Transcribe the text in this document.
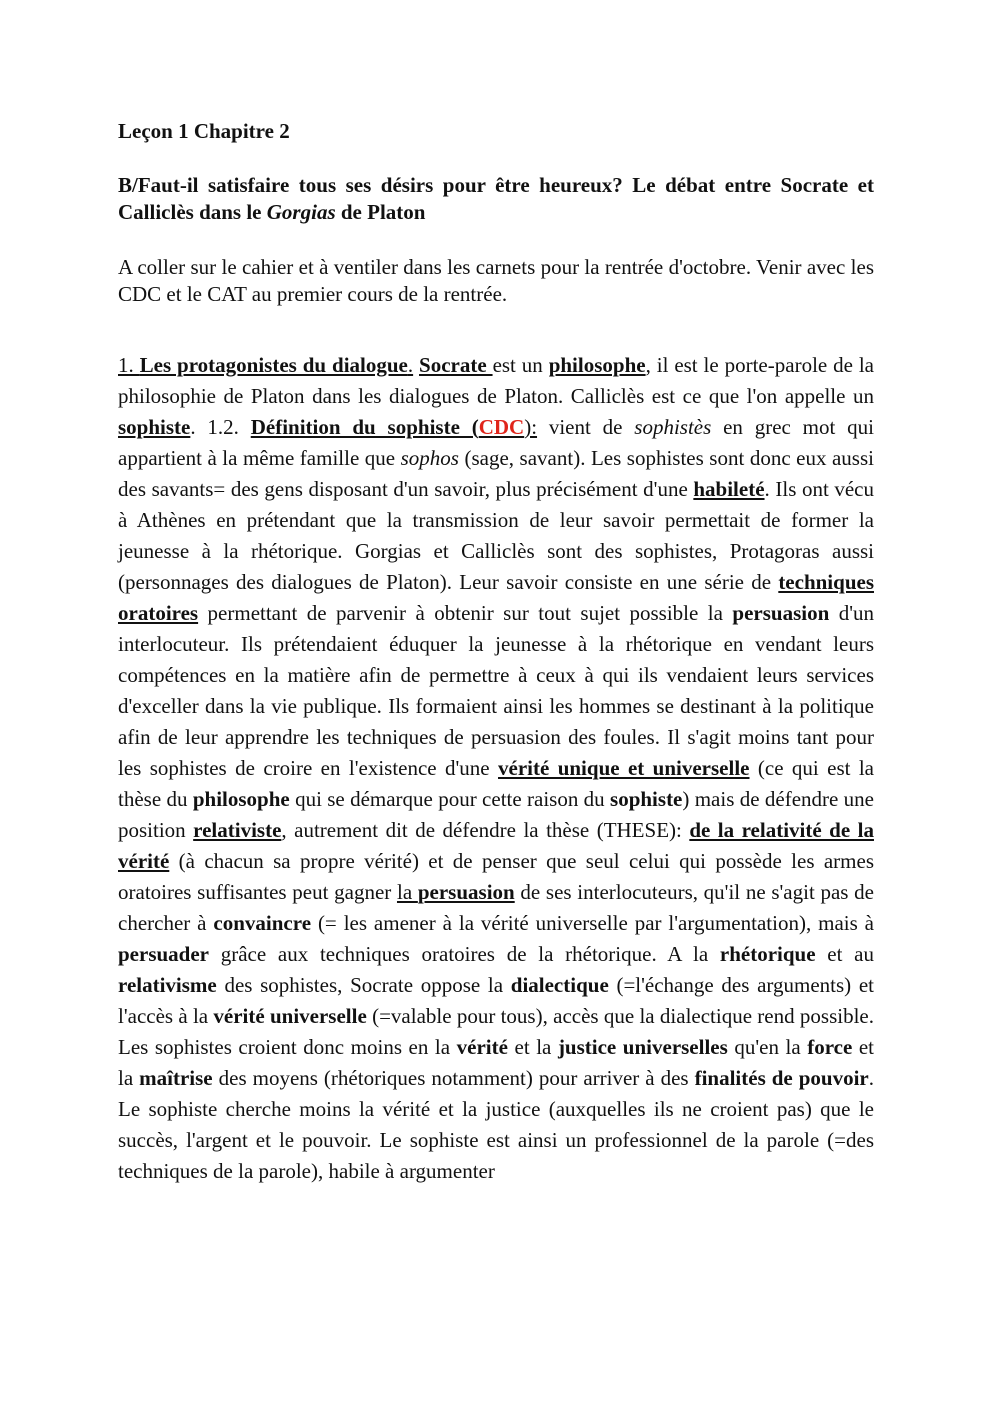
Leçon 1 Chapitre 2

B/Faut-il satisfaire tous ses désirs pour être heureux? Le débat entre Socrate et Calliclès dans le Gorgias de Platon

A coller sur le cahier et à ventiler dans les carnets pour la rentrée d'octobre. Venir avec les CDC et le CAT au premier cours de la rentrée.

1. Les protagonistes du dialogue. Socrate est un philosophe, il est le porte-parole de la philosophie de Platon dans les dialogues de Platon. Calliclès est ce que l'on appelle un sophiste. 1.2. Définition du sophiste (CDC): vient de sophistès en grec mot qui appartient à la même famille que sophos (sage, savant). Les sophistes sont donc eux aussi des savants= des gens disposant d'un savoir, plus précisément d'une habileté. Ils ont vécu à Athènes en prétendant que la transmission de leur savoir permettait de former la jeunesse à la rhétorique. Gorgias et Calliclès sont des sophistes, Protagoras aussi (personnages des dialogues de Platon). Leur savoir consiste en une série de techniques oratoires permettant de parvenir à obtenir sur tout sujet possible la persuasion d'un interlocuteur. Ils prétendaient éduquer la jeunesse à la rhétorique en vendant leurs compétences en la matière afin de permettre à ceux à qui ils vendaient leurs services d'exceller dans la vie publique. Ils formaient ainsi les hommes se destinant à la politique afin de leur apprendre les techniques de persuasion des foules. Il s'agit moins tant pour les sophistes de croire en l'existence d'une vérité unique et universelle (ce qui est la thèse du philosophe qui se démarque pour cette raison du sophiste) mais de défendre une position relativiste, autrement dit de défendre la thèse (THESE): de la relativité de la vérité (à chacun sa propre vérité) et de penser que seul celui qui possède les armes oratoires suffisantes peut gagner la persuasion de ses interlocuteurs, qu'il ne s'agit pas de chercher à convaincre (= les amener à la vérité universelle par l'argumentation), mais à persuader grâce aux techniques oratoires de la rhétorique. A la rhétorique et au relativisme des sophistes, Socrate oppose la dialectique (=l'échange des arguments) et l'accès à la vérité universelle (=valable pour tous), accès que la dialectique rend possible. Les sophistes croient donc moins en la vérité et la justice universelles qu'en la force et la maîtrise des moyens (rhétoriques notamment) pour arriver à des finalités de pouvoir. Le sophiste cherche moins la vérité et la justice (auxquelles ils ne croient pas) que le succès, l'argent et le pouvoir. Le sophiste est ainsi un professionnel de la parole (=des techniques de la parole), habile à argumenter
